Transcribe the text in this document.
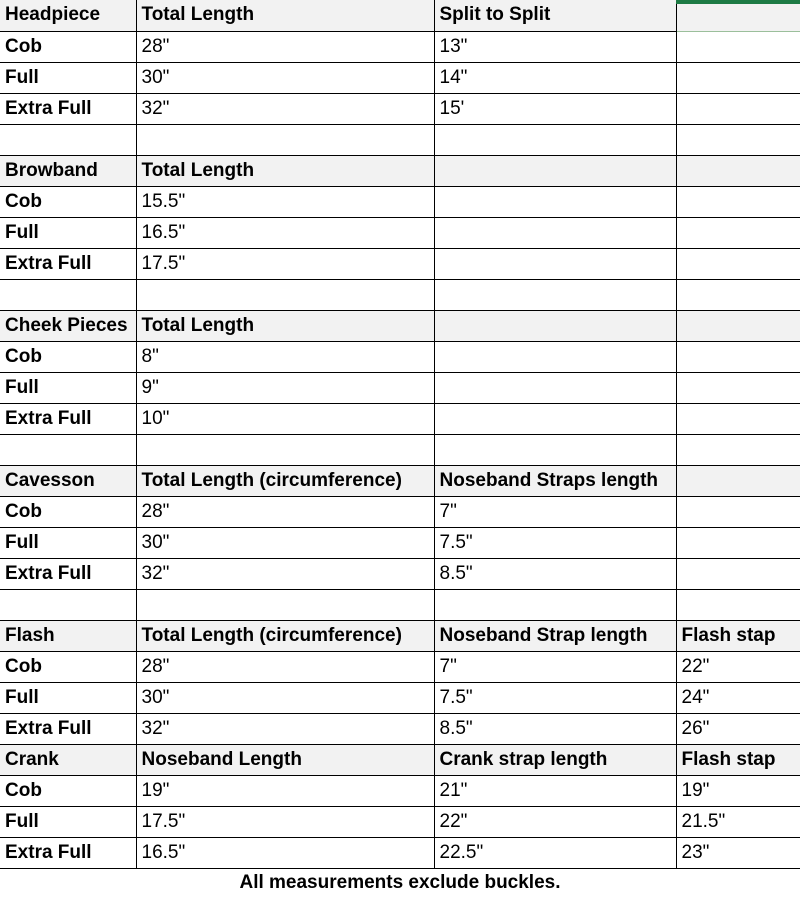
Headpiece	Total Length	Split to Split	
Cob	28"	13"	
Full	30"	14"	
Extra Full	32"	15'	

Browband	Total Length		
Cob	15.5"		
Full	16.5"		
Extra Full	17.5"		

Cheek Pieces	Total Length		
Cob	8"		
Full	9"		
Extra Full	10"		

Cavesson	Total Length (circumference)	Noseband Straps length	
Cob	28"	7"	
Full	30"	7.5"	
Extra Full	32"	8.5"	

Flash	Total Length (circumference)	Noseband Strap length	Flash stap
Cob	28"	7"	22"
Full	30"	7.5"	24"
Extra Full	32"	8.5"	26"
Crank	Noseband Length	Crank strap length	Flash stap
Cob	19"	21"	19"
Full	17.5"	22"	21.5"
Extra Full	16.5"	22.5"	23"
All measurements exclude buckles.
